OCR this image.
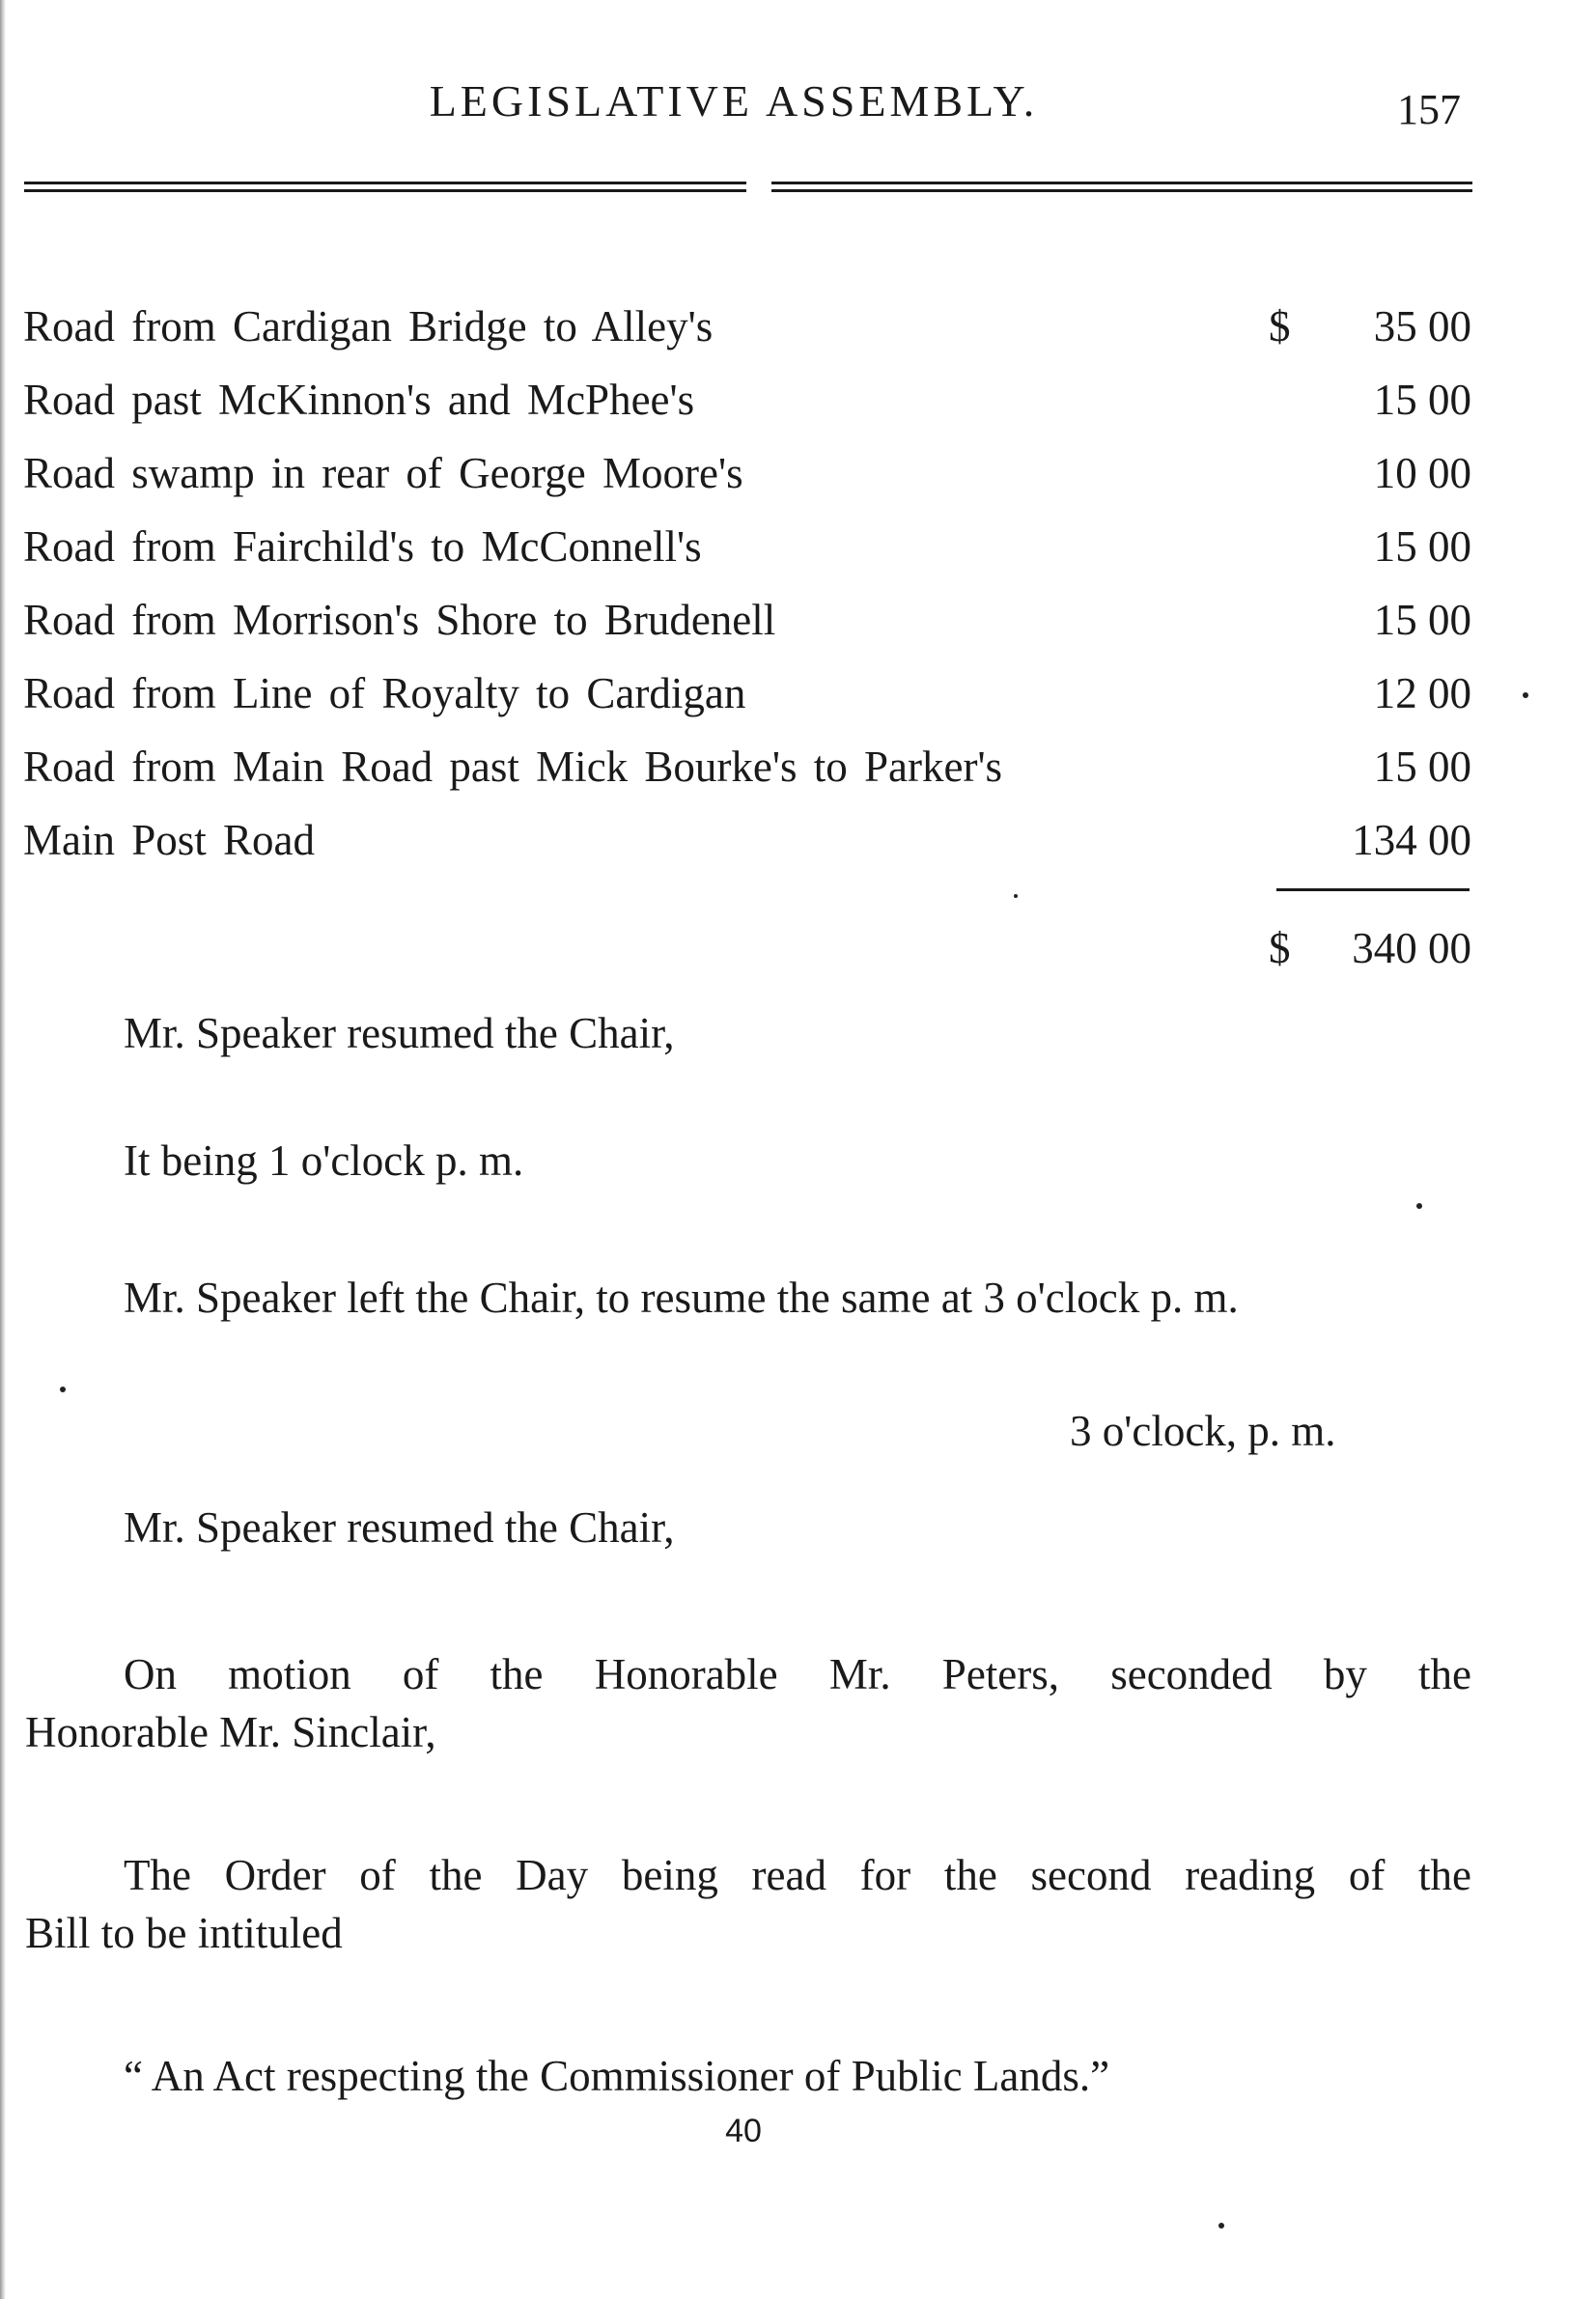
LEGISLATIVE ASSEMBLY.	157
Road from Cardigan Bridge to Alley's	$ 35 00
Road past McKinnon's and McPhee's	15 00
Road swamp in rear of George Moore's	10 00
Road from Fairchild's to McConnell's	15 00
Road from Morrison's Shore to Brudenell	15 00
Road from Line of Royalty to Cardigan	12 00
Road from Main Road past Mick Bourke's to Parker's	15 00
Main Post Road	134 00
$ 340 00
Mr. Speaker resumed the Chair,
It being 1 o'clock p. m.
Mr. Speaker left the Chair, to resume the same at 3 o'clock p. m.
3 o'clock, p. m.
Mr. Speaker resumed the Chair,
On motion of the Honorable Mr. Peters, seconded by the
Honorable Mr. Sinclair,
The Order of the Day being read for the second reading of the
Bill to be intituled
“ An Act respecting the Commissioner of Public Lands.”
40
